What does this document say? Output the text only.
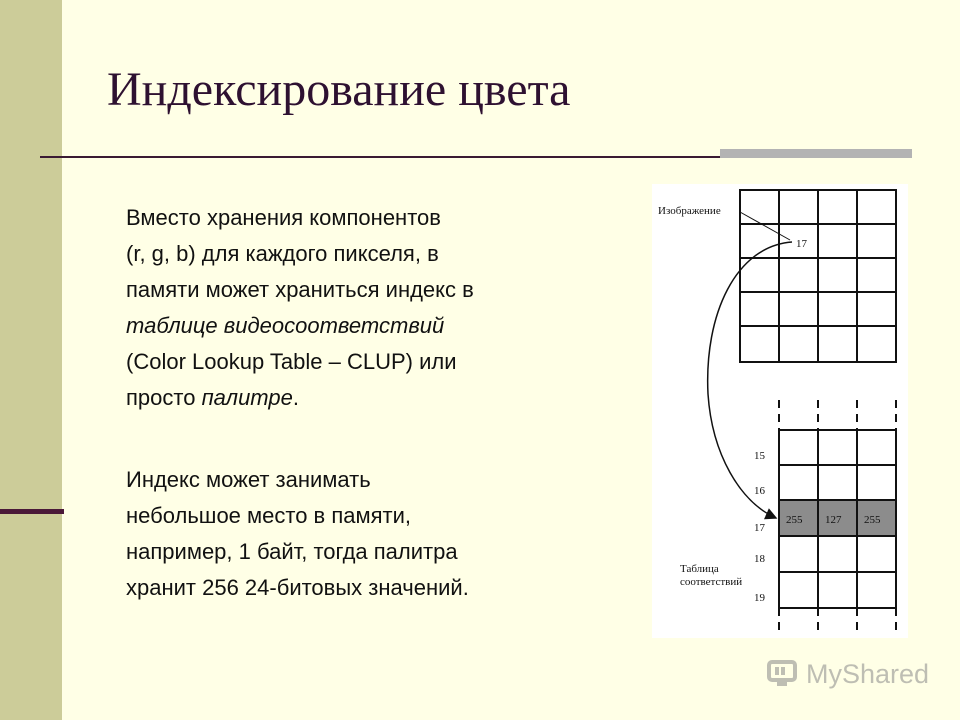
Индексирование цвета

Вместо хранения компонентов
(r, g, b) для каждого пикселя, в
памяти может храниться индекс в
таблице видеосоответствий
(Color Lookup Table – CLUP) или
просто палитре.

Индекс может занимать
небольшое место в памяти,
например, 1 байт, тогда палитра
хранит 256 24-битовых значений.

Изображение
17
15
16
17
18
19
255 127 255
Таблица
соответствий
MyShared
